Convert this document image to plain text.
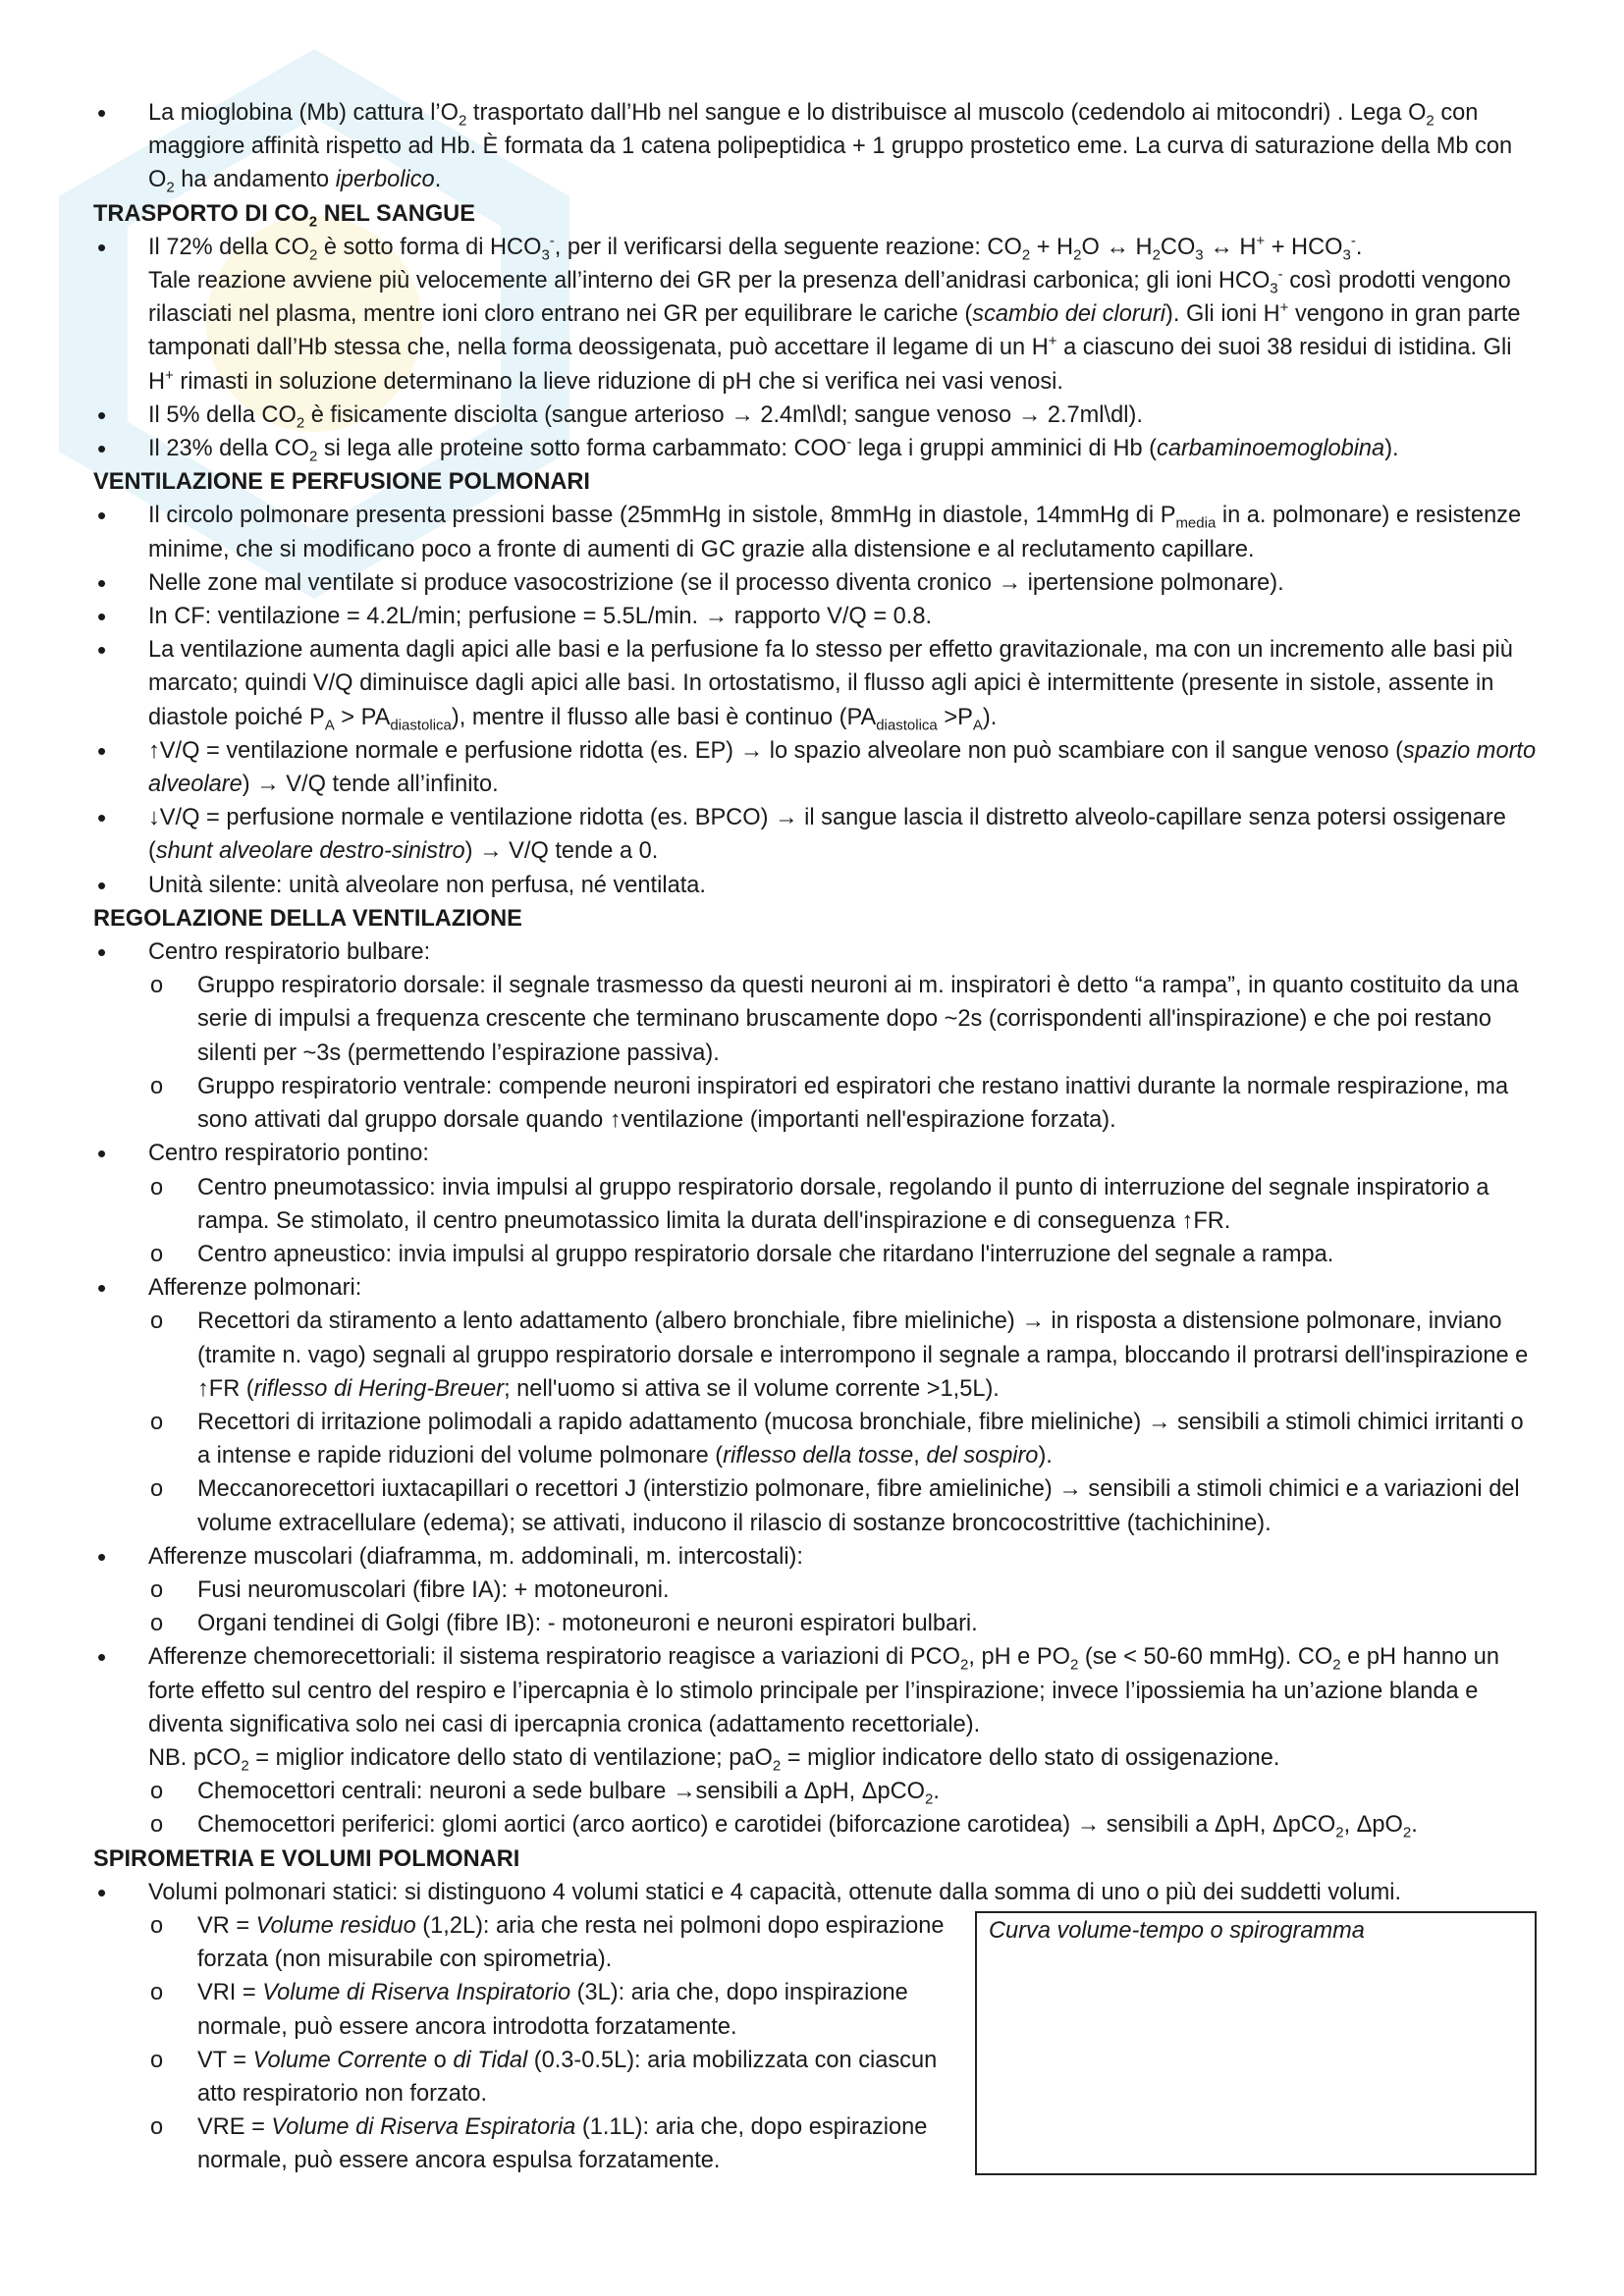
• La mioglobina (Mb) cattura $l’O_2$ trasportato dall’Hb nel sangue e lo distribuisce al muscolo (cedendolo ai mitocondri) . Lega $O_2$ con maggiore affinità rispetto ad Hb. È formata da 1 catena polipeptidica + 1 gruppo prostetico eme. La curva di saturazione della Mb con $O_2$ ha andamento iperbolico.
TRASPORTO DI $CO_2$ NEL SANGUE
• Il 72% della $CO_2$ è sotto forma di $HCO_3^-$, per il verificarsi della seguente reazione: $CO_2 + H_2O$ ↔ $H_2CO_3$ ↔ $H^+ + HCO_3^-$.
Tale reazione avviene più velocemente all’interno dei GR per la presenza dell’anidrasi carbonica; gli ioni $HCO_3^-$ così prodotti vengono rilasciati nel plasma, mentre ioni cloro entrano nei GR per equilibrare le cariche (scambio dei cloruri). Gli ioni H+ vengono in gran parte tamponati dall’Hb stessa che, nella forma deossigenata, può accettare il legame di un H+ a ciascuno dei suoi 38 residui di istidina. Gli H+ rimasti in soluzione determinano la lieve riduzione di pH che si verifica nei vasi venosi.
• Il 5% della $CO_2$ è fisicamente disciolta (sangue arterioso → 2.4ml\dl; sangue venoso → 2.7ml\dl).
• Il 23% della $CO_2$ si lega alle proteine sotto forma carbammato: COO- lega i gruppi amminici di Hb (carbaminoemoglobina).
VENTILAZIONE E PERFUSIONE POLMONARI
• Il circolo polmonare presenta pressioni basse (25mmHg in sistole, 8mmHg in diastole, 14mmHg di $P_{media}$ in a. polmonare) e resistenze minime, che si modificano poco a fronte di aumenti di GC grazie alla distensione e al reclutamento capillare.
• Nelle zone mal ventilate si produce vasocostrizione (se il processo diventa cronico → ipertensione polmonare).
• In CF: ventilazione = 4.2L/min; perfusione = 5.5L/min. → rapporto V/Q = 0.8.
• La ventilazione aumenta dagli apici alle basi e la perfusione fa lo stesso per effetto gravitazionale, ma con un incremento alle basi più marcato; quindi V/Q diminuisce dagli apici alle basi. In ortostatismo, il flusso agli apici è intermittente (presente in sistole, assente in diastole poiché $P_A > PA_{diastolica}$), mentre il flusso alle basi è continuo $(PA_{diastolica} >P_A)$.
• ↑V/Q = ventilazione normale e perfusione ridotta (es. EP) → lo spazio alveolare non può scambiare con il sangue venoso (spazio morto alveolare) → V/Q tende all’infinito.
• ↓V/Q = perfusione normale e ventilazione ridotta (es. BPCO) → il sangue lascia il distretto alveolo-capillare senza potersi ossigenare (shunt alveolare destro-sinistro) → V/Q tende a 0.
• Unità silente: unità alveolare non perfusa, né ventilata.
REGOLAZIONE DELLA VENTILAZIONE
• Centro respiratorio bulbare:
o Gruppo respiratorio dorsale: il segnale trasmesso da questi neuroni ai m. inspiratori è detto “a rampa”, in quanto costituito da una serie di impulsi a frequenza crescente che terminano bruscamente dopo ~2s (corrispondenti all'inspirazione) e che poi restano silenti per ~3s (permettendo l’espirazione passiva).
o Gruppo respiratorio ventrale: compende neuroni inspiratori ed espiratori che restano inattivi durante la normale respirazione, ma sono attivati dal gruppo dorsale quando ↑ventilazione (importanti nell'espirazione forzata).
• Centro respiratorio pontino:
o Centro pneumotassico: invia impulsi al gruppo respiratorio dorsale, regolando il punto di interruzione del segnale inspiratorio a rampa. Se stimolato, il centro pneumotassico limita la durata dell'inspirazione e di conseguenza ↑FR.
o Centro apneustico: invia impulsi al gruppo respiratorio dorsale che ritardano l'interruzione del segnale a rampa.
• Afferenze polmonari:
o Recettori da stiramento a lento adattamento (albero bronchiale, fibre mieliniche) → in risposta a distensione polmonare, inviano (tramite n. vago) segnali al gruppo respiratorio dorsale e interrompono il segnale a rampa, bloccando il protrarsi dell'inspirazione e ↑FR (riflesso di Hering-Breuer; nell'uomo si attiva se il volume corrente >1,5L).
o Recettori di irritazione polimodali a rapido adattamento (mucosa bronchiale, fibre mieliniche) → sensibili a stimoli chimici irritanti o a intense e rapide riduzioni del volume polmonare (riflesso della tosse, del sospiro).
o Meccanorecettori iuxtacapillari o recettori J (interstizio polmonare, fibre amieliniche) → sensibili a stimoli chimici e a variazioni del volume extracellulare (edema); se attivati, inducono il rilascio di sostanze broncocostrittive (tachichinine).
• Afferenze muscolari (diaframma, m. addominali, m. intercostali):
o Fusi neuromuscolari (fibre IA): + motoneuroni.
o Organi tendinei di Golgi (fibre IB): - motoneuroni e neuroni espiratori bulbari.
• Afferenze chemorecettoriali: il sistema respiratorio reagisce a variazioni di $PCO_2$, pH e $PO_2$ (se < 50-60 mmHg). $CO_2$ e pH hanno un forte effetto sul centro del respiro e l’ipercapnia è lo stimolo principale per l’inspirazione; invece l’ipossiemia ha un’azione blanda e diventa significativa solo nei casi di ipercapnia cronica (adattamento recettoriale).
NB. pCO$_2$ = miglior indicatore dello stato di ventilazione; paO$_2$ = miglior indicatore dello stato di ossigenazione.
o Chemocettori centrali: neuroni a sede bulbare →sensibili a ΔpH, ΔpCO$_2$.
o Chemocettori periferici: glomi aortici (arco aortico) e carotidei (biforcazione carotidea) → sensibili a ΔpH, ΔpCO$_2$, ΔpO$_2$.
SPIROMETRIA E VOLUMI POLMONARI
• Volumi polmonari statici: si distinguono 4 volumi statici e 4 capacità, ottenute dalla somma di uno o più dei suddetti volumi.
o VR = Volume residuo (1,2L): aria che resta nei polmoni dopo espirazione forzata (non misurabile con spirometria).
o VRI = Volume di Riserva Inspiratorio (3L): aria che, dopo inspirazione normale, può essere ancora introdotta forzatamente.
o VT = Volume Corrente o di Tidal (0.3-0.5L): aria mobilizzata con ciascun atto respiratorio non forzato.
o VRE = Volume di Riserva Espiratoria (1.1L): aria che, dopo espirazione normale, può essere ancora espulsa forzatamente.
Curva volume-tempo o spirogramma
